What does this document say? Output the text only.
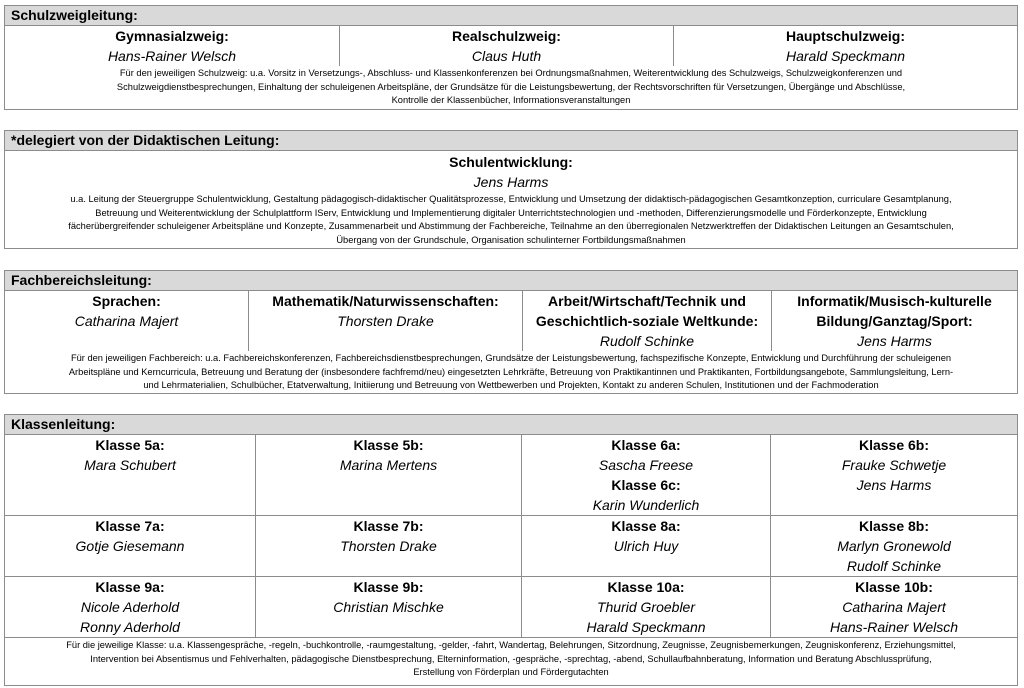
Schulzweigleitung:
Gymnasialzweig:
Hans-Rainer Welsch
Realschulzweig:
Claus Huth
Hauptschulzweig:
Harald Speckmann
Für den jeweiligen Schulzweig: u.a. Vorsitz in Versetzungs-, Abschluss- und Klassenkonferenzen bei Ordnungsmaßnahmen, Weiterentwicklung des Schulzweigs, Schulzweigkonferenzen und
Schulzweigdienstbesprechungen, Einhaltung der schuleigenen Arbeitspläne, der Grundsätze für die Leistungsbewertung, der Rechtsvorschriften für Versetzungen, Übergänge und Abschlüsse,
Kontrolle der Klassenbücher, Informationsveranstaltungen
*delegiert von der Didaktischen Leitung:
Schulentwicklung:
Jens Harms
u.a. Leitung der Steuergruppe Schulentwicklung, Gestaltung pädagogisch-didaktischer Qualitätsprozesse, Entwicklung und Umsetzung der didaktisch-pädagogischen Gesamtkonzeption, curriculare Gesamtplanung,
Betreuung und Weiterentwicklung der Schulplattform IServ, Entwicklung und Implementierung digitaler Unterrichtstechnologien und -methoden, Differenzierungsmodelle und Förderkonzepte, Entwicklung
fächerübergreifender schuleigener Arbeitspläne und Konzepte, Zusammenarbeit und Abstimmung der Fachbereiche, Teilnahme an den überregionalen Netzwerktreffen der Didaktischen Leitungen an Gesamtschulen,
Übergang von der Grundschule, Organisation schulinterner Fortbildungsmaßnahmen
Fachbereichsleitung:
Sprachen:
Catharina Majert
Mathematik/Naturwissenschaften:
Thorsten Drake
Arbeit/Wirtschaft/Technik und
Geschichtlich-soziale Weltkunde:
Rudolf Schinke
Informatik/Musisch-kulturelle
Bildung/Ganztag/Sport:
Jens Harms
Für den jeweiligen Fachbereich: u.a. Fachbereichskonferenzen, Fachbereichsdienstbesprechungen, Grundsätze der Leistungsbewertung, fachspezifische Konzepte, Entwicklung und Durchführung der schuleigenen
Arbeitspläne und Kerncurricula, Betreuung und Beratung der (insbesondere fachfremd/neu) eingesetzten Lehrkräfte, Betreuung von Praktikantinnen und Praktikanten, Fortbildungsangebote, Sammlungsleitung, Lern-
und Lehrmaterialien, Schulbücher, Etatverwaltung, Initiierung und Betreuung von Wettbewerben und Projekten, Kontakt zu anderen Schulen, Institutionen und der Fachmoderation
Klassenleitung:
Klasse 5a:
Mara Schubert
Klasse 5b:
Marina Mertens
Klasse 6a:
Sascha Freese
Klasse 6c:
Karin Wunderlich
Klasse 6b:
Frauke Schwetje
Jens Harms
Klasse 7a:
Gotje Giesemann
Klasse 7b:
Thorsten Drake
Klasse 8a:
Ulrich Huy
Klasse 8b:
Marlyn Gronewold
Rudolf Schinke
Klasse 9a:
Nicole Aderhold
Ronny Aderhold
Klasse 9b:
Christian Mischke
Klasse 10a:
Thurid Groebler
Harald Speckmann
Klasse 10b:
Catharina Majert
Hans-Rainer Welsch
Für die jeweilige Klasse: u.a. Klassengespräche, -regeln, -buchkontrolle, -raumgestaltung, -gelder, -fahrt, Wandertag, Belehrungen, Sitzordnung, Zeugnisse, Zeugnisbemerkungen, Zeugniskonferenz, Erziehungsmittel,
Intervention bei Absentismus und Fehlverhalten, pädagogische Dienstbesprechung, Elterninformation, -gespräche, -sprechtag, -abend, Schullaufbahnberatung, Information und Beratung Abschlussprüfung,
Erstellung von Förderplan und Fördergutachten
